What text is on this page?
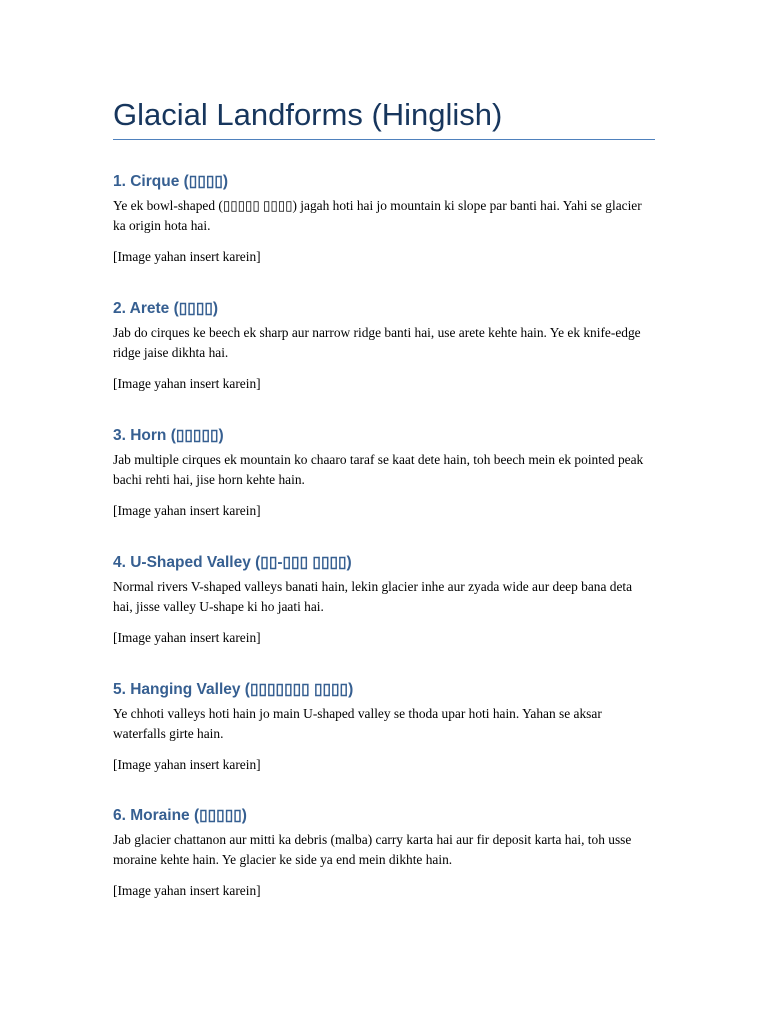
Glacial Landforms (Hinglish)
1. Cirque (▯▯▯▯)

Ye ek bowl-shaped (▯▯▯▯▯ ▯▯▯▯) jagah hoti hai jo mountain ki slope par banti hai. Yahi se glacier ka origin hota hai.

[Image yahan insert karein]

2. Arete (▯▯▯▯)

Jab do cirques ke beech ek sharp aur narrow ridge banti hai, use arete kehte hain. Ye ek knife-edge ridge jaise dikhta hai.

[Image yahan insert karein]

3. Horn (▯▯▯▯▯)

Jab multiple cirques ek mountain ko chaaro taraf se kaat dete hain, toh beech mein ek pointed peak bachi rehti hai, jise horn kehte hain.

[Image yahan insert karein]

4. U-Shaped Valley (▯▯-▯▯▯ ▯▯▯▯)

Normal rivers V-shaped valleys banati hain, lekin glacier inhe aur zyada wide aur deep bana deta hai, jisse valley U-shape ki ho jaati hai.

[Image yahan insert karein]

5. Hanging Valley (▯▯▯▯▯▯▯ ▯▯▯▯)

Ye chhoti valleys hoti hain jo main U-shaped valley se thoda upar hoti hain. Yahan se aksar waterfalls girte hain.

[Image yahan insert karein]

6. Moraine (▯▯▯▯▯)

Jab glacier chattanon aur mitti ka debris (malba) carry karta hai aur fir deposit karta hai, toh usse moraine kehte hain. Ye glacier ke side ya end mein dikhte hain.

[Image yahan insert karein]
